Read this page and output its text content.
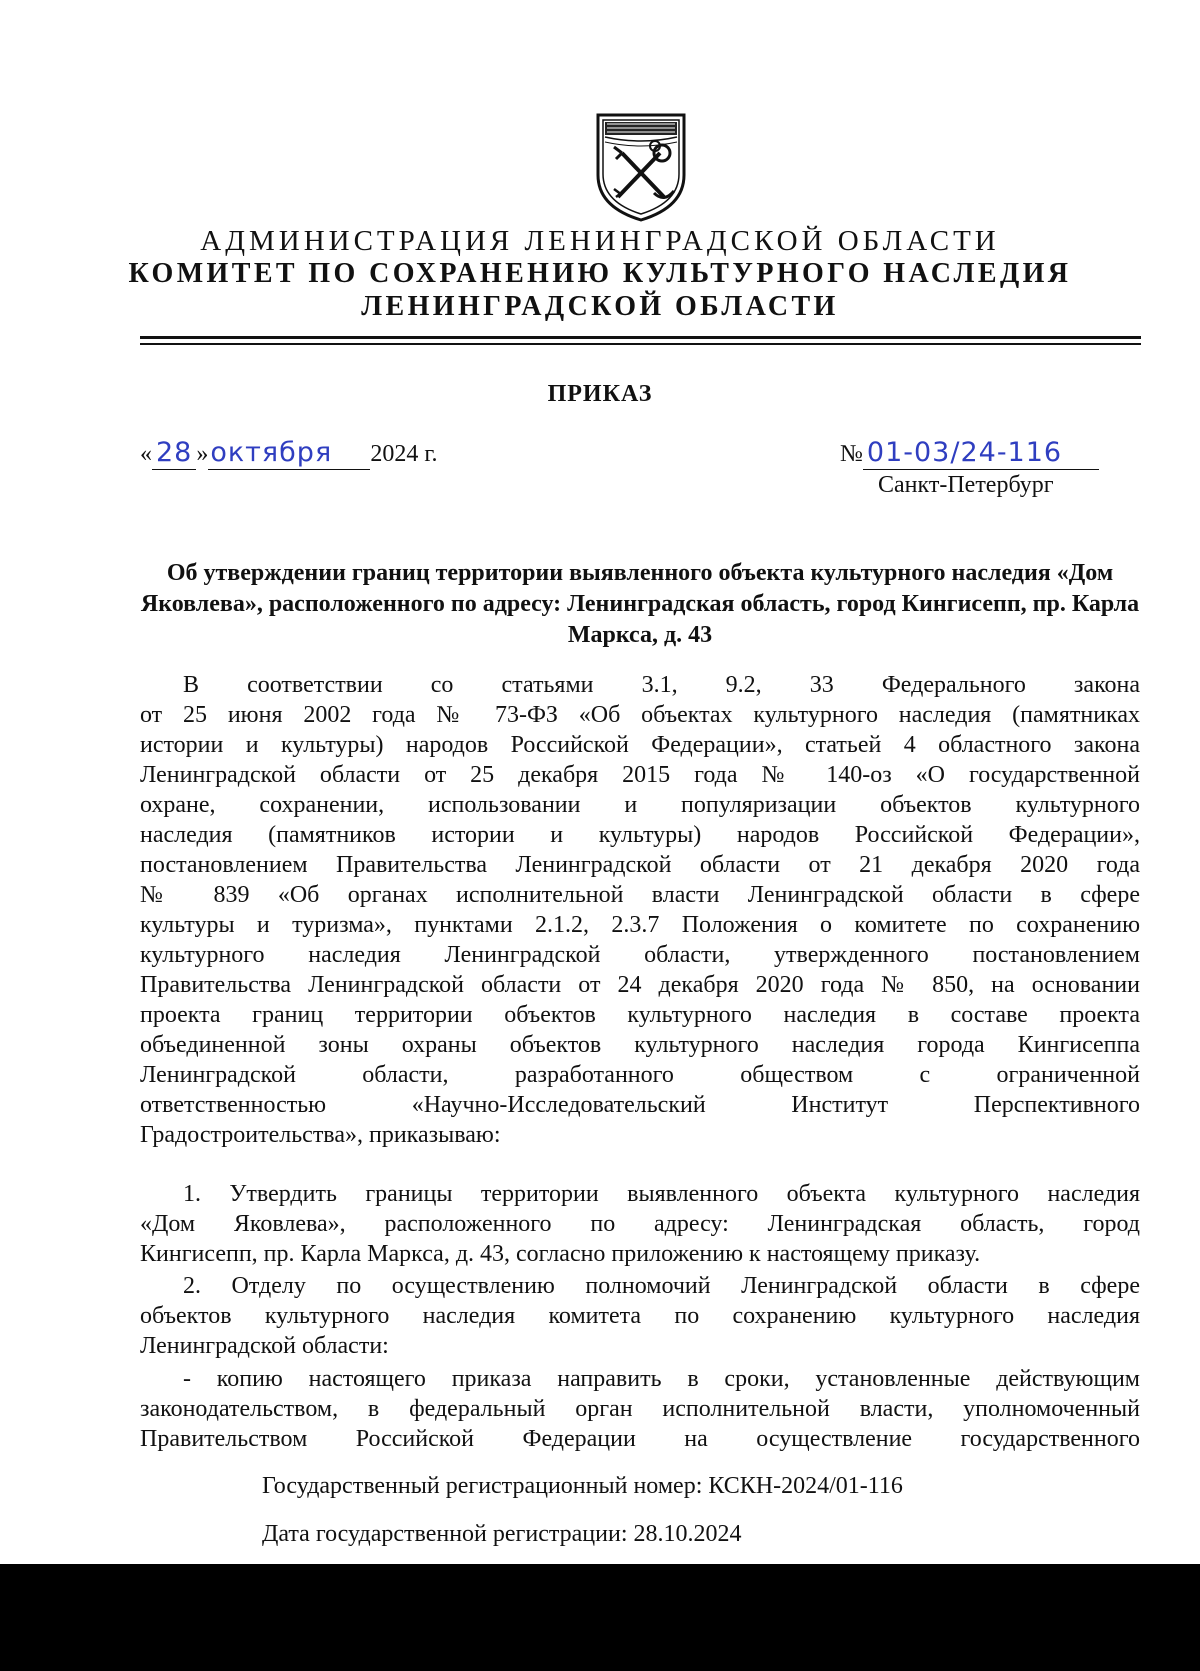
АДМИНИСТРАЦИЯ ЛЕНИНГРАДСКОЙ ОБЛАСТИ
КОМИТЕТ ПО СОХРАНЕНИЮ КУЛЬТУРНОГО НАСЛЕДИЯ
ЛЕНИНГРАДСКОЙ ОБЛАСТИ
ПРИКАЗ
« 28 »октября 2024 г.	№ 01-03/24-116
Санкт-Петербург
Об утверждении границ территории выявленного объекта культурного наследия «Дом Яковлева», расположенного по адресу: Ленинградская область, город Кингисепп, пр. Карла Маркса, д. 43
В соответствии со статьями 3.1, 9.2, 33 Федерального закона
от 25 июня 2002 года № 73-ФЗ «Об объектах культурного наследия (памятниках
истории и культуры) народов Российской Федерации», статьей 4 областного закона
Ленинградской области от 25 декабря 2015 года № 140-оз «О государственной
охране, сохранении, использовании и популяризации объектов культурного
наследия (памятников истории и культуры) народов Российской Федерации»,
постановлением Правительства Ленинградской области от 21 декабря 2020 года
№ 839 «Об органах исполнительной власти Ленинградской области в сфере
культуры и туризма», пунктами 2.1.2, 2.3.7 Положения о комитете по сохранению
культурного наследия Ленинградской области, утвержденного постановлением
Правительства Ленинградской области от 24 декабря 2020 года № 850, на основании
проекта границ территории объектов культурного наследия в составе проекта
объединенной зоны охраны объектов культурного наследия города Кингисеппа
Ленинградской области, разработанного обществом с ограниченной
ответственностью «Научно-Исследовательский Институт Перспективного
Градостроительства», приказываю:
1. Утвердить границы территории выявленного объекта культурного наследия
«Дом Яковлева», расположенного по адресу: Ленинградская область, город
Кингисепп, пр. Карла Маркса, д. 43, согласно приложению к настоящему приказу.
2. Отделу по осуществлению полномочий Ленинградской области в сфере
объектов культурного наследия комитета по сохранению культурного наследия
Ленинградской области:
- копию настоящего приказа направить в сроки, установленные действующим
законодательством, в федеральный орган исполнительной власти, уполномоченный
Правительством Российской Федерации на осуществление государственного
Государственный регистрационный номер: КСКН-2024/01-116
Дата государственной регистрации: 28.10.2024
